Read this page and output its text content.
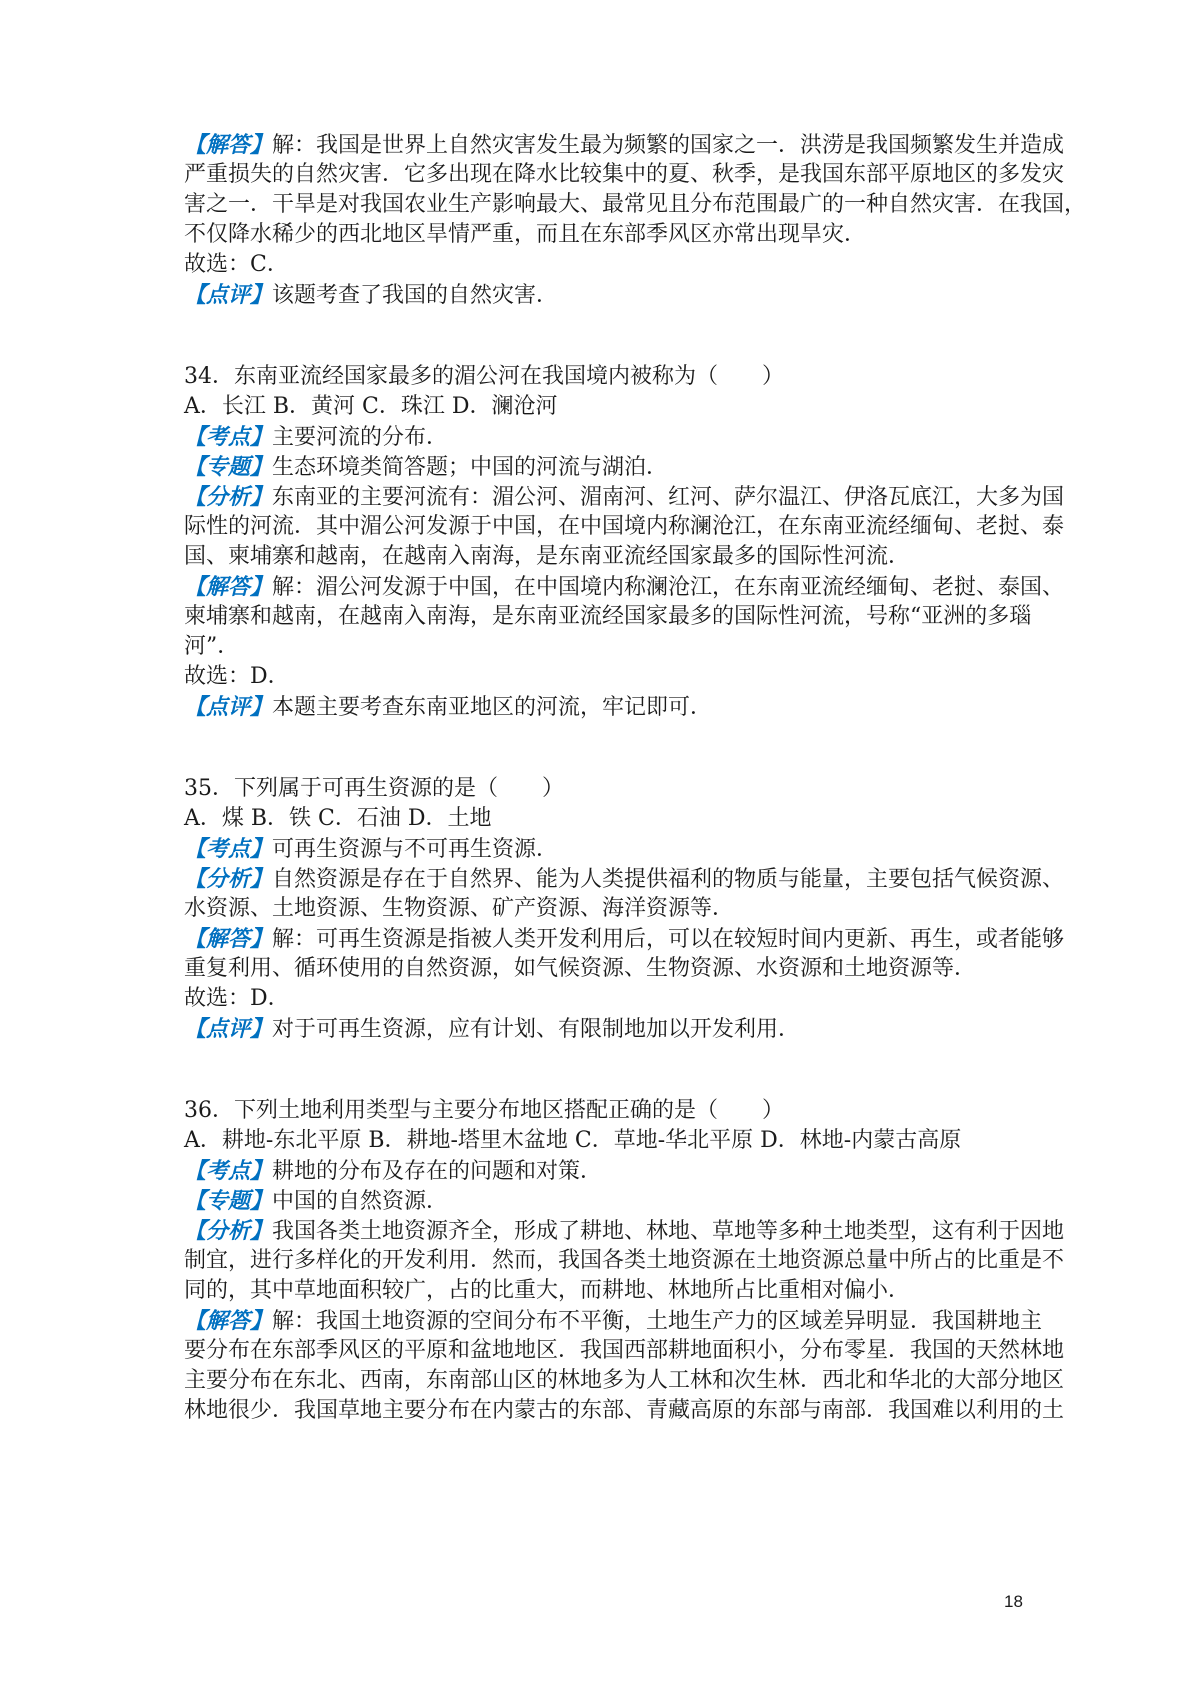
【解答】解：我国是世界上自然灾害发生最为频繁的国家之一．洪涝是我国频繁发生并造成
严重损失的自然灾害．它多出现在降水比较集中的夏、秋季，是我国东部平原地区的多发灾
害之一．干旱是对我国农业生产影响最大、最常见且分布范围最广的一种自然灾害．在我国，
不仅降水稀少的西北地区旱情严重，而且在东部季风区亦常出现旱灾．
故选：C．
【点评】该题考查了我国的自然灾害．
34．东南亚流经国家最多的湄公河在我国境内被称为（　　）
A．长江 B．黄河 C．珠江 D．澜沧河
【考点】主要河流的分布．
【专题】生态环境类简答题；中国的河流与湖泊．
【分析】东南亚的主要河流有：湄公河、湄南河、红河、萨尔温江、伊洛瓦底江，大多为国
际性的河流．其中湄公河发源于中国，在中国境内称澜沧江，在东南亚流经缅甸、老挝、泰
国、柬埔寨和越南，在越南入南海，是东南亚流经国家最多的国际性河流．
【解答】解：湄公河发源于中国，在中国境内称澜沧江，在东南亚流经缅甸、老挝、泰国、
柬埔寨和越南，在越南入南海，是东南亚流经国家最多的国际性河流，号称“亚洲的多瑙
河”．
故选：D．
【点评】本题主要考查东南亚地区的河流，牢记即可．
35．下列属于可再生资源的是（　　）
A．煤 B．铁 C．石油 D．土地
【考点】可再生资源与不可再生资源．
【分析】自然资源是存在于自然界、能为人类提供福利的物质与能量，主要包括气候资源、
水资源、土地资源、生物资源、矿产资源、海洋资源等．
【解答】解：可再生资源是指被人类开发利用后，可以在较短时间内更新、再生，或者能够
重复利用、循环使用的自然资源，如气候资源、生物资源、水资源和土地资源等．
故选：D．
【点评】对于可再生资源，应有计划、有限制地加以开发利用．
36．下列土地利用类型与主要分布地区搭配正确的是（　　）
A．耕地-东北平原 B．耕地-塔里木盆地 C．草地-华北平原 D．林地-内蒙古高原
【考点】耕地的分布及存在的问题和对策．
【专题】中国的自然资源．
【分析】我国各类土地资源齐全，形成了耕地、林地、草地等多种土地类型，这有利于因地
制宜，进行多样化的开发利用．然而，我国各类土地资源在土地资源总量中所占的比重是不
同的，其中草地面积较广，占的比重大，而耕地、林地所占比重相对偏小．
【解答】解：我国土地资源的空间分布不平衡，土地生产力的区域差异明显．我国耕地主
要分布在东部季风区的平原和盆地地区．我国西部耕地面积小，分布零星．我国的天然林地
主要分布在东北、西南，东南部山区的林地多为人工林和次生林．西北和华北的大部分地区
林地很少．我国草地主要分布在内蒙古的东部、青藏高原的东部与南部．我国难以利用的土
18
